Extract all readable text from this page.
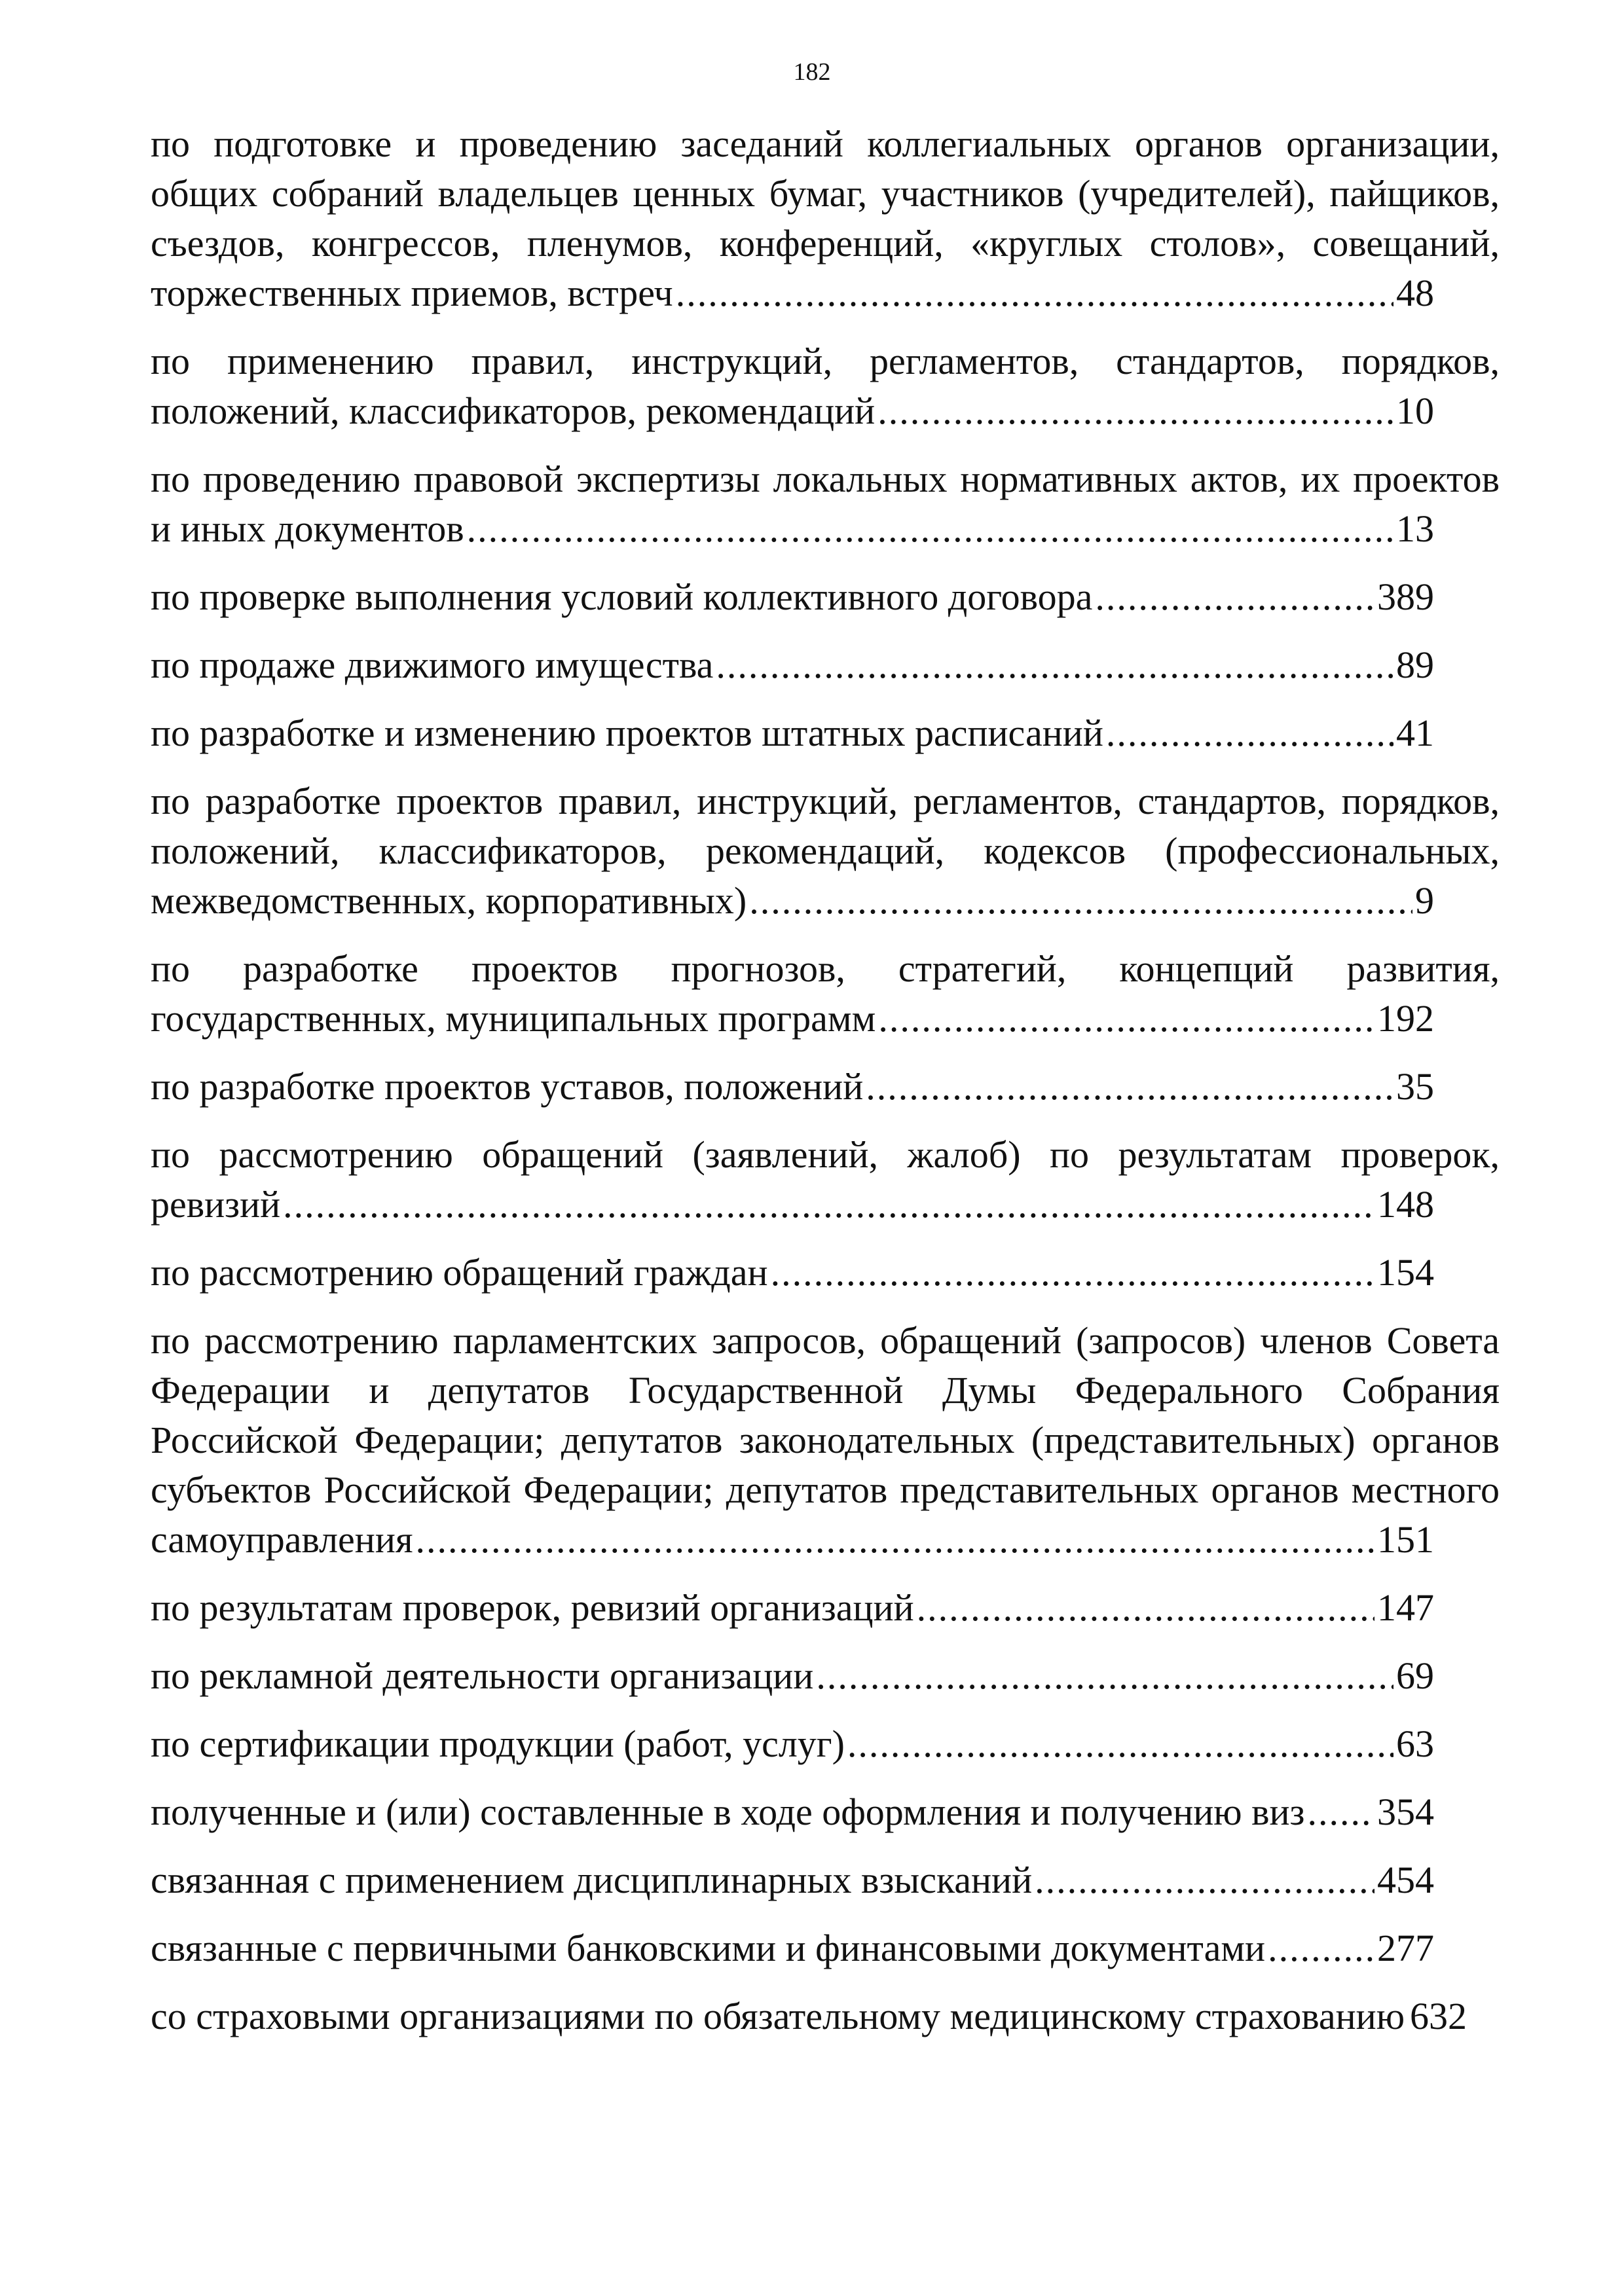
182
по подготовке и проведению заседаний коллегиальных органов организации,
общих собраний владельцев ценных бумаг, участников (учредителей), пайщиков,
съездов, конгрессов, пленумов, конференций, «круглых столов», совещаний,
торжественных приемов, встреч .....	48
по применению правил, инструкций, регламентов, стандартов, порядков,
положений, классификаторов, рекомендаций .....	10
по проведению правовой экспертизы локальных нормативных актов, их проектов
и иных документов .....	13
по проверке выполнения условий коллективного договора .....	389
по продаже движимого имущества .....	89
по разработке и изменению проектов штатных расписаний .....	41
по разработке проектов правил, инструкций, регламентов, стандартов, порядков,
положений, классификаторов, рекомендаций, кодексов (профессиональных,
межведомственных, корпоративных) .....	9
по разработке проектов прогнозов, стратегий, концепций развития,
государственных, муниципальных программ .....	192
по разработке проектов уставов, положений .....	35
по рассмотрению обращений (заявлений, жалоб) по результатам проверок,
ревизий .....	148
по рассмотрению обращений граждан .....	154
по рассмотрению парламентских запросов, обращений (запросов) членов Совета
Федерации и депутатов Государственной Думы Федерального Собрания
Российской Федерации; депутатов законодательных (представительных) органов
субъектов Российской Федерации; депутатов представительных органов местного
самоуправления .....	151
по результатам проверок, ревизий организаций .....	147
по рекламной деятельности организации .....	69
по сертификации продукции (работ, услуг) .....	63
полученные и (или) составленные в ходе оформления и получению виз ..... 354
связанная с применением дисциплинарных взысканий .....	454
связанные с первичными банковскими и финансовыми документами .....	277
со страховыми организациями по обязательному медицинскому страхованию 632
